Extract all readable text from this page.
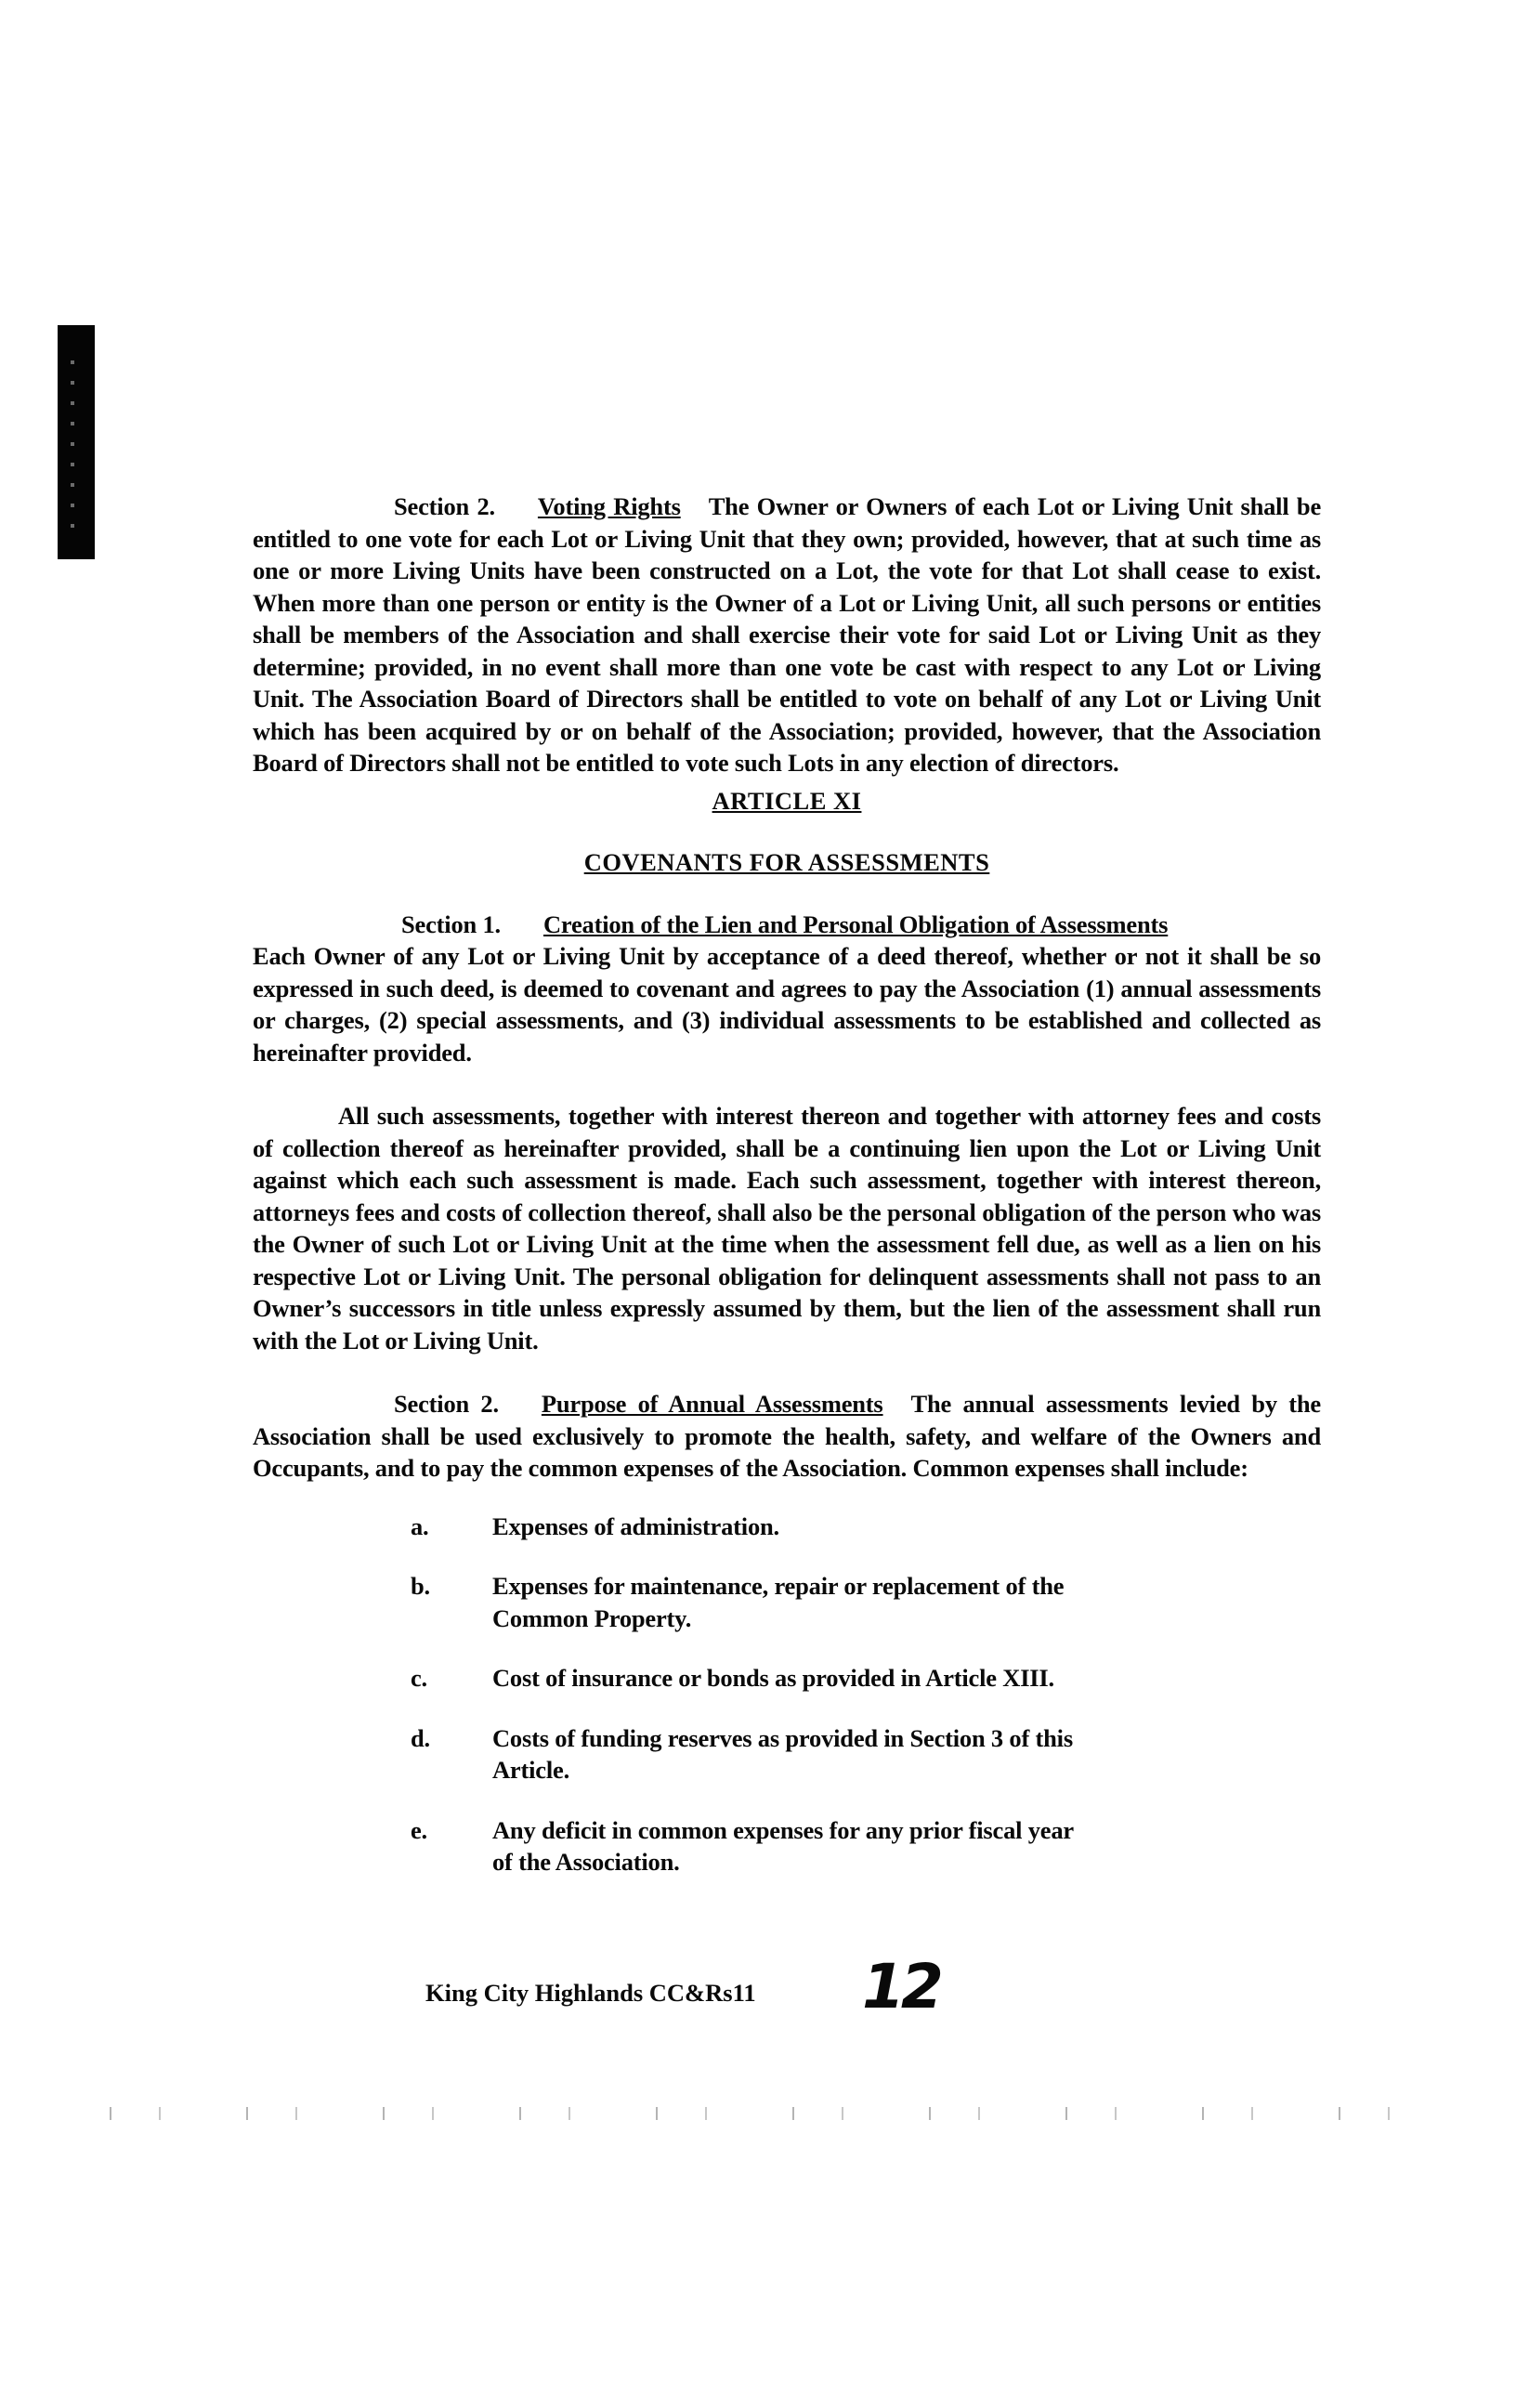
Section 2. Voting Rights The Owner or Owners of each Lot or Living Unit shall be entitled to one vote for each Lot or Living Unit that they own; provided, however, that at such time as one or more Living Units have been constructed on a Lot, the vote for that Lot shall cease to exist. When more than one person or entity is the Owner of a Lot or Living Unit, all such persons or entities shall be members of the Association and shall exercise their vote for said Lot or Living Unit as they determine; provided, in no event shall more than one vote be cast with respect to any Lot or Living Unit. The Association Board of Directors shall be entitled to vote on behalf of any Lot or Living Unit which has been acquired by or on behalf of the Association; provided, however, that the Association Board of Directors shall not be entitled to vote such Lots in any election of directors.

ARTICLE XI
COVENANTS FOR ASSESSMENTS

Section 1. Creation of the Lien and Personal Obligation of Assessments
Each Owner of any Lot or Living Unit by acceptance of a deed thereof, whether or not it shall be so expressed in such deed, is deemed to covenant and agrees to pay the Association (1) annual assessments or charges, (2) special assessments, and (3) individual assessments to be established and collected as hereinafter provided.

All such assessments, together with interest thereon and together with attorney fees and costs of collection thereof as hereinafter provided, shall be a continuing lien upon the Lot or Living Unit against which each such assessment is made. Each such assessment, together with interest thereon, attorneys fees and costs of collection thereof, shall also be the personal obligation of the person who was the Owner of such Lot or Living Unit at the time when the assessment fell due, as well as a lien on his respective Lot or Living Unit. The personal obligation for delinquent assessments shall not pass to an Owner’s successors in title unless expressly assumed by them, but the lien of the assessment shall run with the Lot or Living Unit.

Section 2. Purpose of Annual Assessments The annual assessments levied by the Association shall be used exclusively to promote the health, safety, and welfare of the Owners and Occupants, and to pay the common expenses of the Association. Common expenses shall include:

a.	Expenses of administration.
b.	Expenses for maintenance, repair or replacement of the Common Property.
c.	Cost of insurance or bonds as provided in Article XIII.
d.	Costs of funding reserves as provided in Section 3 of this Article.
e.	Any deficit in common expenses for any prior fiscal year of the Association.
King City Highlands CC&Rs11 12
